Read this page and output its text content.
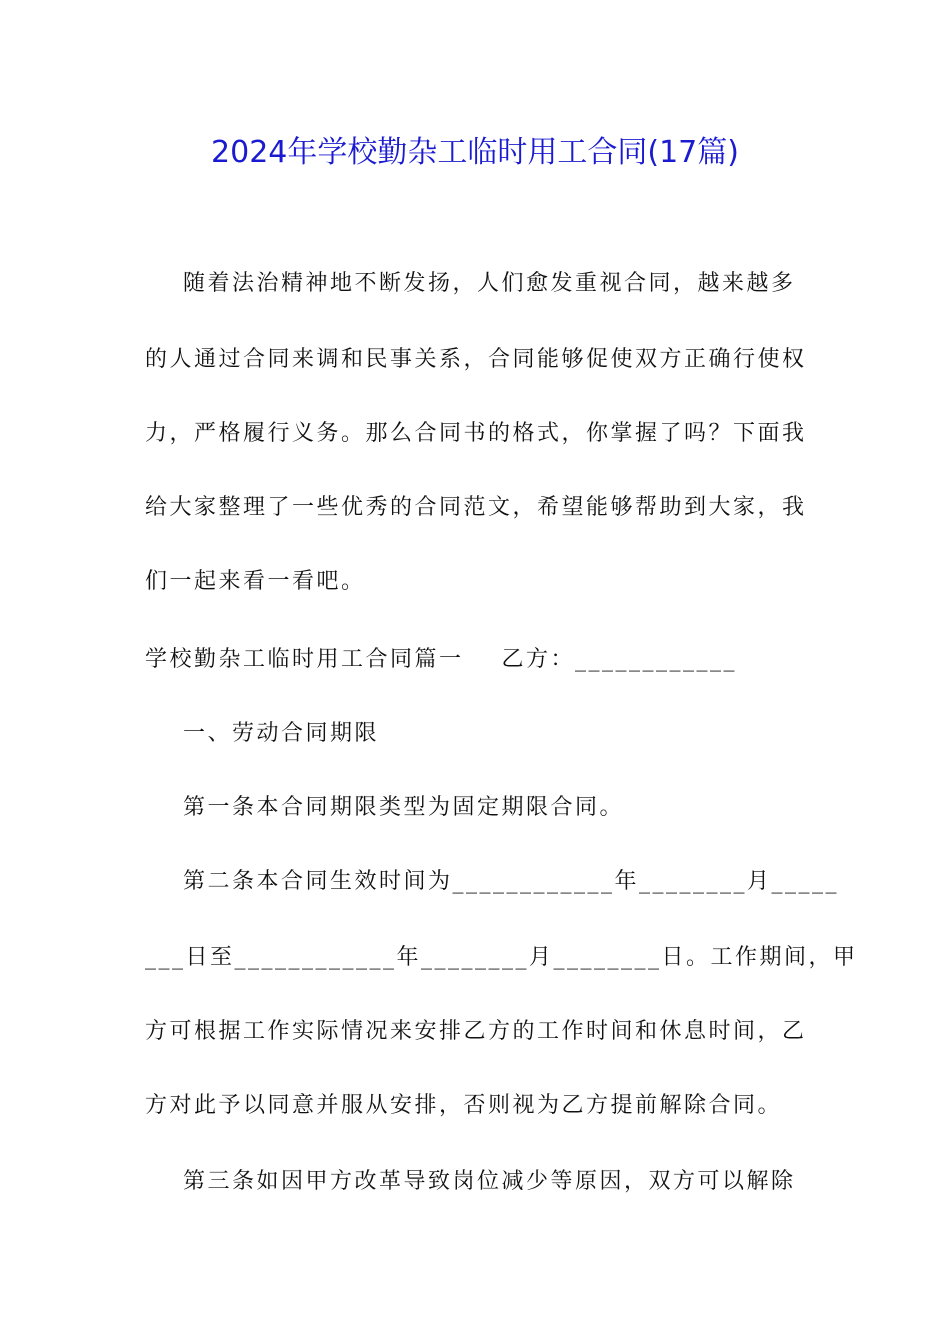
2024年学校勤杂工临时用工合同(17篇)
随着法治精神地不断发扬，人们愈发重视合同，越来越多
的人通过合同来调和民事关系，合同能够促使双方正确行使权
力，严格履行义务。那么合同书的格式，你掌握了吗？下面我
给大家整理了一些优秀的合同范文，希望能够帮助到大家，我
们一起来看一看吧。
学校勤杂工临时用工合同篇一    乙方：____________
一、劳动合同期限
第一条本合同期限类型为固定期限合同。
第二条本合同生效时间为____________年________月_____
___日至____________年________月________日。工作期间，甲
方可根据工作实际情况来安排乙方的工作时间和休息时间，乙
方对此予以同意并服从安排，否则视为乙方提前解除合同。
第三条如因甲方改革导致岗位减少等原因，双方可以解除
